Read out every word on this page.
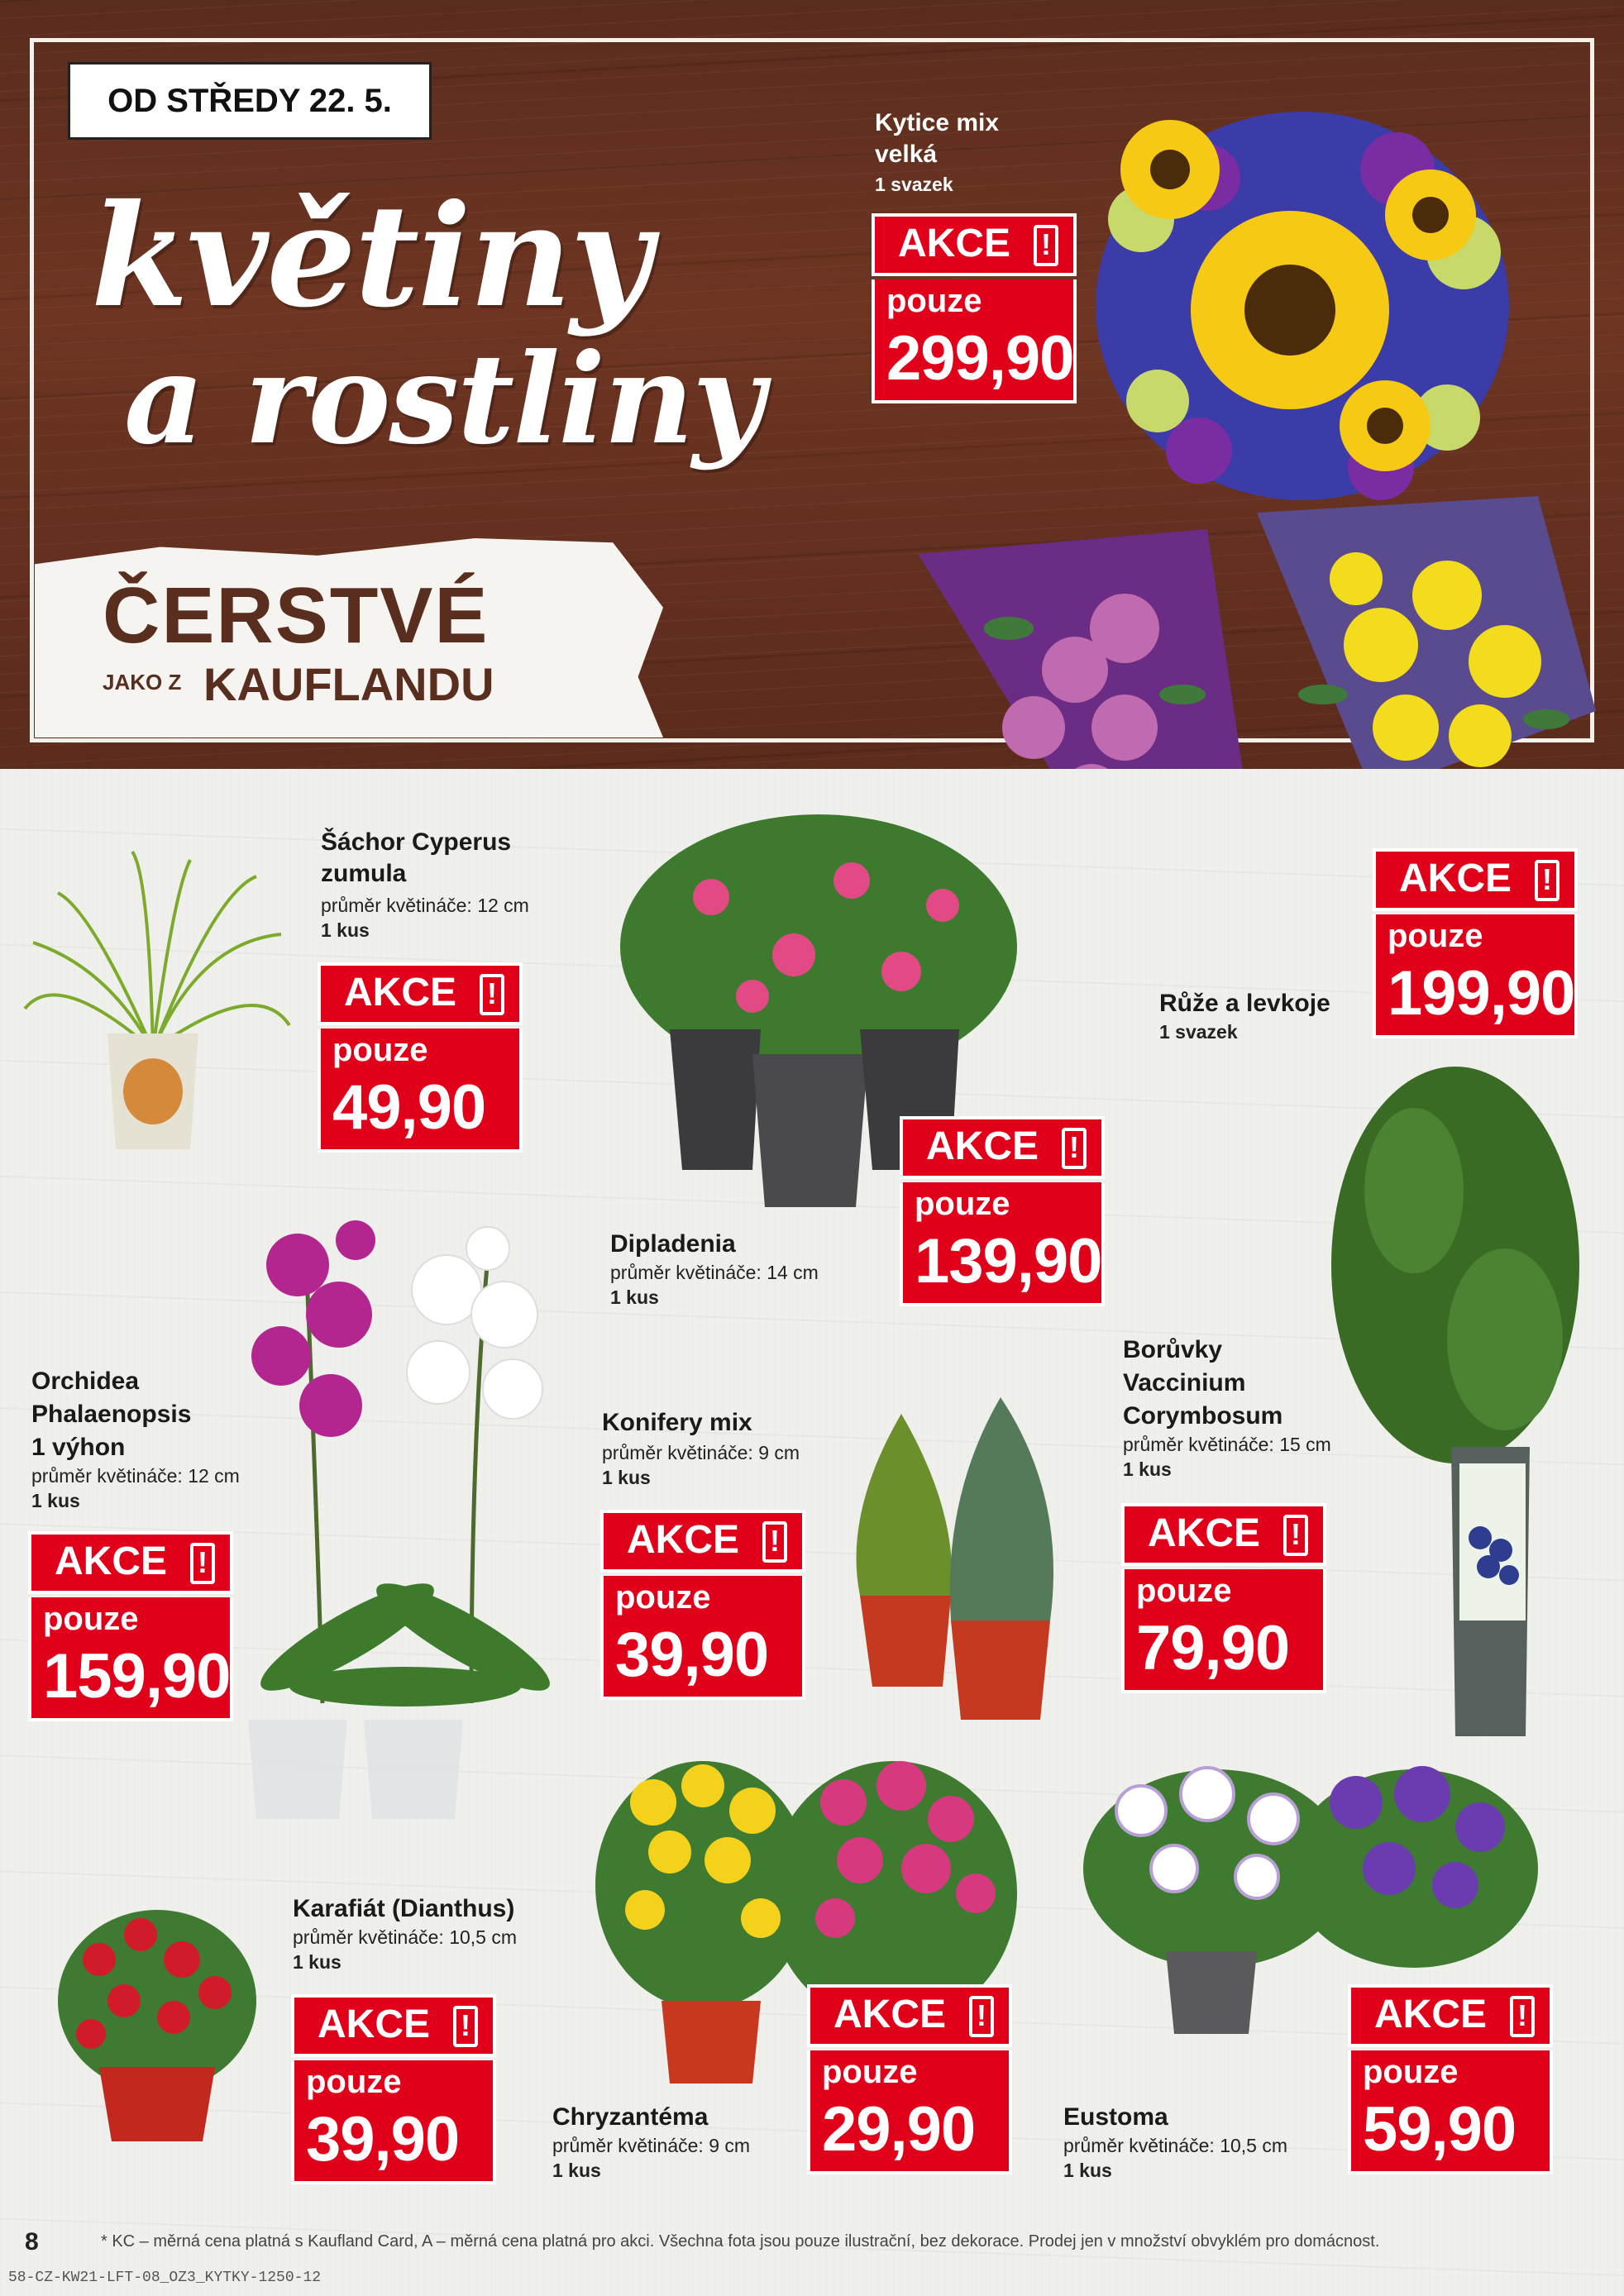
OD STŘEDY 22. 5.
květiny
a rostliny
ČERSTVÉ
JAKO Z KAUFLANDU
Kytice mix
velká
1 svazek
AKCE !
pouze
299,90
AKCE !
pouze
199,90
Růže a levkoje
1 svazek
Šáchor Cyperus
zumula
průměr květináče: 12 cm
1 kus
AKCE !
pouze
49,90
AKCE !
pouze
139,90
Dipladenia
průměr květináče: 14 cm
1 kus
Orchidea
Phalaenopsis
1 výhon
průměr květináče: 12 cm
1 kus
AKCE !
pouze
159,90
Konifery mix
průměr květináče: 9 cm
1 kus
AKCE !
pouze
39,90
Borůvky
Vaccinium
Corymbosum
průměr květináče: 15 cm
1 kus
AKCE !
pouze
79,90
Karafiát (Dianthus)
průměr květináče: 10,5 cm
1 kus
AKCE !
pouze
39,90
AKCE !
pouze
29,90
Chryzantéma
průměr květináče: 9 cm
1 kus
AKCE !
pouze
59,90
Eustoma
průměr květináče: 10,5 cm
1 kus
8	* KC – měrná cena platná s Kaufland Card, A – měrná cena platná pro akci. Všechna fota jsou pouze ilustrační, bez dekorace. Prodej jen v množství obvyklém pro domácnost.
58-CZ-KW21-LFT-08_OZ3_KYTKY-1250-12
